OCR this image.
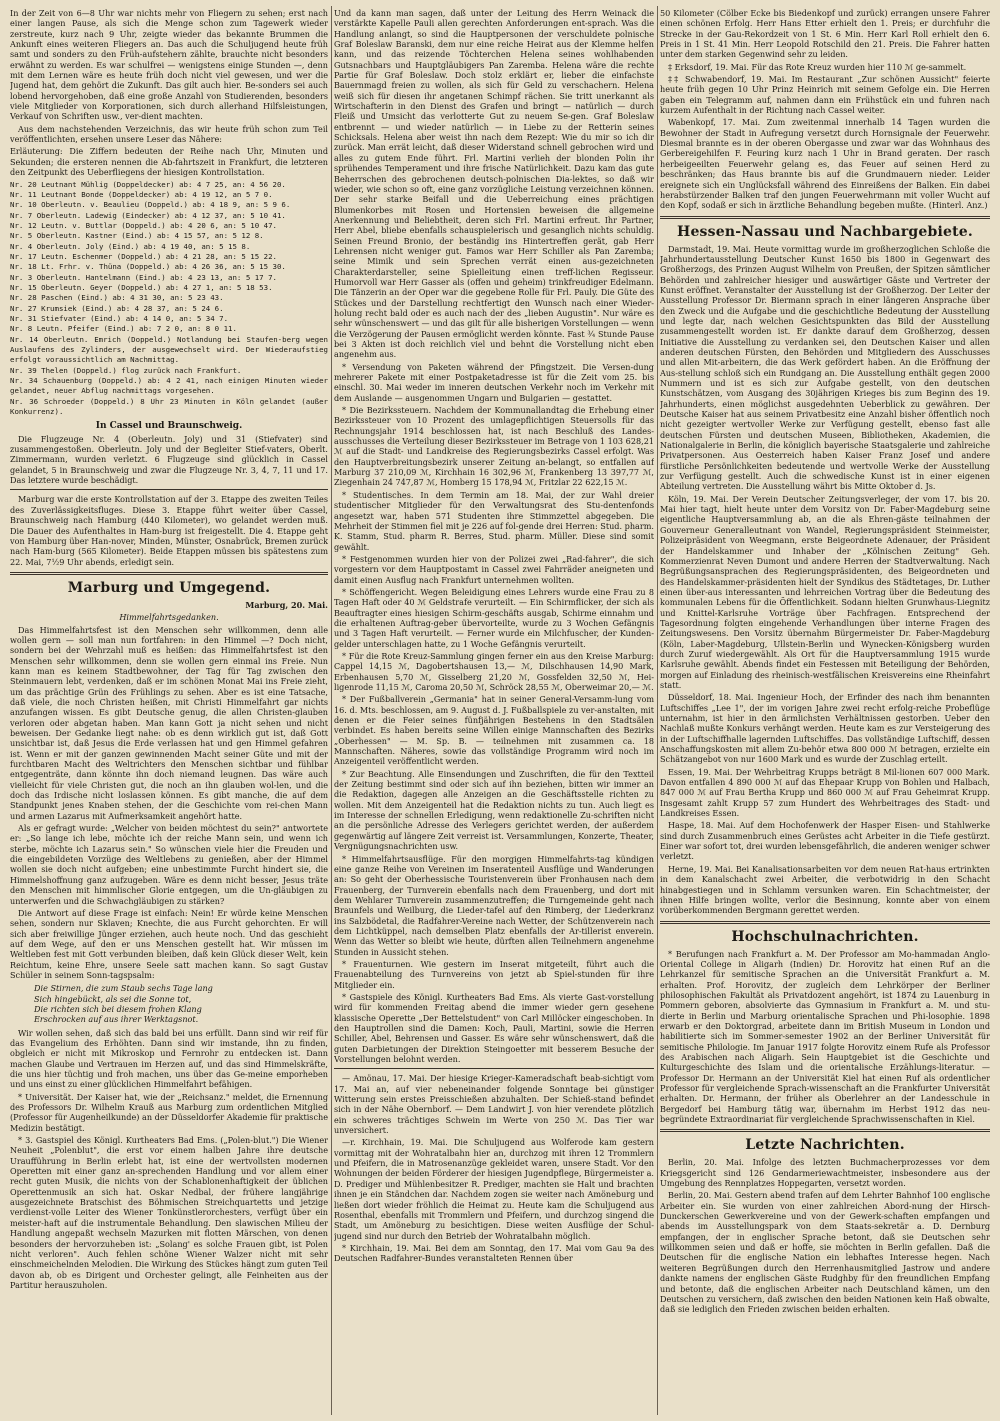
In der Zeit von 6—8 Uhr war nichts mehr von Fliegern zu sehen; erst nach einer langen Pause, als sich die Menge schon zum Tagewerk wieder zerstreute, kurz nach 9 Uhr, zeigte wieder das bekannte Brummen die Ankunft eines weiteren Fliegers an. Das auch die Schuljugend heute früh samt und sonders zu den Früh-aufstehern zählte, brauchte nicht besonders erwähnt zu werden. Es war schulfrei — wenigstens einige Stunden —, denn mit dem Lernen wäre es heute früh doch nicht viel gewesen, und wer die Jugend hat, dem gehört die Zukunft. Das gilt auch hier. Be-sonders sei auch lobend hervorgehoben, daß eine große Anzahl von Studierenden, besonders viele Mitglieder von Korporationen, sich durch allerhand Hilfsleistungen, Verkauf von Schriften usw., ver-dient machten.

Aus dem nachstehenden Verzeichnis, das wir heute früh schon zum Teil veröffentlichten, ersehen unsere Leser das Nähere:

Erläuterung: Die Ziffern bedeuten der Reihe nach Uhr, Minuten und Sekunden; die ersteren nennen die Ab-fahrtszeit in Frankfurt, die letzteren den Zeitpunkt des Ueberfliegens der hiesigen Kontrollstation.

Nr. 20 Leutnant Mühlig (Doppeldecker) ab: 4 7 25, an: 4 56 20.

Nr. 11 Leutnant Bonde (Doppeldecker) ab: 4 19 12, an 5 7 0.

Nr. 10 Oberleutn. v. Beaulieu (Doppeld.) ab: 4 18 9, an: 5 9 6.

Nr. 7 Oberleutn. Ladewig (Eindecker) ab: 4 12 37, an: 5 10 41.

Nr. 12 Leutn. v. Buttlar (Doppeld.) ab: 4 20 6, an: 5 10 47.

Nr. 5 Oberleutn. Kastner (Eind.) ab: 4 15 57, an: 5 12 8.

Nr. 4 Oberleutn. Joly (Eind.) ab: 4 19 40, an: 5 15 8.

Nr. 17 Leutn. Eschenmer (Doppeld.) ab: 4 21 28, an: 5 15 22.

Nr. 18 Lt. Frhr. v. Thüna (Doppeld.) ab: 4 26 36, an: 5 15 30.

Nr. 3 Oberleutn. Hantelmann (Eind.) ab: 4 23 13, an: 5 17 7.

Nr. 15 Oberleutn. Geyer (Doppeld.) ab: 4 27 1, an: 5 18 53.

Nr. 28 Paschen (Eind.) ab: 4 31 30, an: 5 23 43.

Nr. 27 Krumsiek (Eind.) ab: 4 28 37, an: 5 24 6.

Nr. 31 Stiefvater (Eind.) ab: 4 14 0, an: 5 34 7.

Nr. 8 Leutn. Pfeifer (Eind.) ab: 7 2 0, an: 8 0 11.

Nr. 14 Oberleutn. Emrich (Doppeld.) Notlandung bei Staufen-berg wegen Auslaufens des Zylinders, der ausgewechselt wird. Der Wiederaufstieg erfolgt voraussichtlich am Nachmittag.

Nr. 39 Thelen (Doppeld.) flog zurück nach Frankfurt.

Nr. 34 Schauenburg (Doppeld.) ab: 4 2 41, nach einigen Minuten wieder gelandet, neuer Abflug nachmittags vorgesehen.

Nr. 36 Schroeder (Doppeld.) 8 Uhr 23 Minuten in Köln gelandet (außer Konkurrenz).

In Cassel und Braunschweig.

Die Flugzeuge Nr. 4 (Oberleutn. Joly) und 31 (Stiefvater) sind zusammengestoßen. Oberleutn. Joly und der Begleiter Stief-vaters, Oberlt. Zimmermann, wurden verletzt. 6 Flugzeuge sind glücklich in Cassel gelandet, 5 in Braunschweig und zwar die Flugzeuge Nr. 3, 4, 7, 11 und 17. Das letztere wurde beschädigt.

Marburg war die erste Kontrollstation auf der 3. Etappe des zweiten Teiles des Zuverlässigkeitsfluges. Diese 3. Etappe führt weiter über Cassel, Braunschweig nach Hamburg (440 Kilometer), wo gelandet werden muß. Die Dauer des Aufenthaltes in Ham-burg ist freigestellt. Die 4. Etappe geht von Hamburg über Han-nover, Minden, Münster, Osnabrück, Bremen zurück nach Ham-burg (565 Kilometer). Beide Etappen müssen bis spätestens zum 22. Mai, 7½9 Uhr abends, erledigt sein.

Marburg und Umgegend.

Marburg, 20. Mai.

Himmelfahrtsgedanken.

Das Himmelfahrtsfest ist den Menschen sehr willkommen, denn alle wollen gern — soll man nun fortfahren: in den Himmel —? Doch nicht, sondern bei der Wehrzahl muß es heißen: das Himmelfahrtsfest ist den Menschen sehr willkommen, denn sie wollen gern einmal ins Freie. Nun kann man es keinem Stadtbewohner, der Tag für Tag zwischen den Steinmauern lebt, verdenken, daß er im schönen Monat Mai ins Freie zieht, um das prächtige Grün des Frühlings zu sehen. Aber es ist eine Tatsache, daß viele, die noch Christen heißen, mit Christi Himmelfahrt gar nichts anzufangen wissen. Es gibt Deutsche genug, die allen Christen-glauben verloren oder abgetan haben. Man kann Gott ja nicht sehen und nicht beweisen. Der Gedanke liegt nahe: ob es denn wirklich gut ist, daß Gott unsichtbar ist, daß Jesus die Erde verlassen hat und gen Himmel gefahren ist. Wenn er mit der ganzen gewinnenden Macht seiner Güte und mit der furchtbaren Macht des Weltrichters den Menschen sichtbar und fühlbar entgegenträte, dann könnte ihn doch niemand leugnen. Das wäre auch vielleicht für viele Christen gut, die noch an ihn glauben wol-len, und die doch das Irdische nicht loslassen können. Es gibt manche, die auf dem Standpunkt jenes Knaben stehen, der die Geschichte vom rei-chen Mann und armen Lazarus mit Aufmerksamkeit angehört hatte.

Als er gefragt wurde: „Welcher von beiden möchtest du sein?" antwortete er: „So lange ich lebe, möchte ich der reiche Mann sein, und wenn ich sterbe, möchte ich Lazarus sein." So wünschen viele hier die Freuden und die eingebildeten Vorzüge des Weltlebens zu genießen, aber der Himmel wollen sie doch nicht aufgeben; eine unbestimmte Furcht hindert sie, die Himmelshoffnung ganz aufzugeben. Wäre es denn nicht besser, Jesus träte den Menschen mit himmlischer Glorie entgegen, um die Un-gläubigen zu unterwerfen und die Schwachgläubigen zu stärken?

Die Antwort auf diese Frage ist einfach: Nein! Er würde keine Menschen sehen, sondern nur Sklaven; Knechte, die aus Furcht gehorchten. Er will sich aber freiwillige Jünger erziehen, auch heute noch. Und das geschieht auf dem Wege, auf den er uns Menschen gestellt hat. Wir müssen im Weltleben fest mit Gott verbunden bleiben, daß kein Glück dieser Welt, kein Reichtum, keine Ehre, unsere Seele satt machen kann. So sagt Gustav Schüler in seinem Sonn-tagspsalm:

Die Stirnen, die zum Staub sechs Tage lang

Sich hingebückt, als sei die Sonne tot,

Die richten sich bei diesem frohen Klang

Erschrocken auf aus ihrer Werktagsnot.

Wir wollen sehen, daß sich das bald bei uns erfüllt. Dann sind wir reif für das Evangelium des Erhöhten. Dann sind wir imstande, ihn zu finden, obgleich er nicht mit Mikroskop und Fernrohr zu entdecken ist. Dann machen Glaube und Vertrauen im Herzen auf, und das sind Himmelskräfte, die uns hier tüchtig und froh machen, uns über das Ge-meine emporheben und uns einst zu einer glücklichen Himmelfahrt befähigen.

* Universität. Der Kaiser hat, wie der „Reichsanz." meldet, die Ernennung des Professors Dr. Wilhelm Krauß aus Marburg zum ordentlichen Mitglied (Professor für Augenheilkunde) an der Düsseldorfer Akademie für praktische Medizin bestätigt.

* 3. Gastspiel des Königl. Kurtheaters Bad Ems. („Polen-blut.") Die Wiener Neuheit „Polenblut", die erst vor einem halben Jahre ihre deutsche Uraufführung in Berlin erlebt hat, ist eine der wertvollsten modernen Operetten mit einer ganz an-sprechenden Handlung und vor allem einer recht guten Musik, die nichts von der Schablonenhaftigkeit der üblichen Operettenmusik an sich hat. Oskar Nedbal, der frühere langjährige ausgezeichnete Bratschist des Böhmischen Streichquartetts und jetzige verdienst-volle Leiter des Wiener Tonkünstlerorchesters, verfügt über ein meister-haft auf die instrumentale Behandlung. Den slawischen Milieu der Handlung angepaßt wechseln Mazurken mit flotten Märschen, von denen besonders der hervorzuheben ist: „Solang' es solche Frauen gibt, ist Polen nicht verloren". Auch fehlen schöne Wiener Walzer nicht mit sehr einschmeichelnden Melodien. Die Wirkung des Stückes hängt zum guten Teil davon ab, ob es Dirigent und Orchester gelingt, alle Feinheiten aus der Partitur herauszuholen.

Und da kann man sagen, daß unter der Leitung des Herrn Weinack die verstärkte Kapelle Pauli allen gerechten Anforderungen ent-sprach. Was die Handlung anlangt, so sind die Hauptpersonen der verschuldete polnische Graf Boleslaw Baranski, dem nur eine reiche Heirat aus der Klemme helfen kann, und das reizende Töchterchen Helena seines wohlhabenden Gutsnachbars und Hauptgläubigers Pan Zaremba. Helena wäre die rechte Partie für Graf Boleslaw. Doch stolz erklärt er, lieber die einfachste Bauernmagd freien zu wollen, als sich für Geld zu verschachern. Helena weiß sich für diesen ihr angetanen Schimpf rächen. Sie tritt unerkannt als Wirtschafterin in den Dienst des Grafen und bringt — natürlich — durch Fleiß und Umsicht das verlotterte Gut zu neuem Se-gen. Graf Boleslaw entbrennt — und wieder natürlich — in Liebe zu der Retterin seines Schicksals. Helena aber weist ihn nach dem Rezept: Wie du mir so ich dir zurück. Man errät leicht, daß dieser Widerstand schnell gebrochen wird und alles zu gutem Ende führt. Frl. Martini verlieh der blonden Polin ihr sprühendes Temperament und ihre frische Natürlichkeit. Dazu kam das gute Beherrschen des gebrochenen deutsch-polnischen Dia-lektes, so daß wir wieder, wie schon so oft, eine ganz vorzügliche Leistung verzeichnen können. Der sehr starke Beifall und die Ueberreichung eines prächtigen Blumenkorbes mit Rosen und Hortensien beweisen die allgemeine Anerkennung und Beliebtheit, deren sich Frl. Martini erfreut. Ihr Partner, Herr Abel, bliebe ebenfalls schauspielerisch und gesanglich nichts schuldig. Seinen Freund Bronio, der beständig ins Hintertreffen gerät, gab Herr Lehrensen nicht weniger gut. Famos war Herr Schiller als Pan Zaremba; seine Mimik und sein Sprechen verrät einen aus-gezeichneten Charakterdarsteller, seine Spielleitung einen treff-lichen Regisseur. Humorvoll war Herr Gasser als (offen und geheim) trinkfreudiger Edelmann. Die Tänzerin an der Oper war die gegebene Rolle für Frl. Pauly. Die Güte des Stückes und der Darstellung rechtfertigt den Wunsch nach einer Wieder-holung recht bald oder es auch nach der des „lieben Augustin". Nur wäre es sehr wünschenswert — und das gilt für alle bisherigen Vorstellungen — wenn die Verzögerung der Pausen ermöglicht werden könnte. Fast ¾ Stunde Pause bei 3 Akten ist doch reichlich viel und behnt die Vorstellung nicht eben angenehm aus.

* Versendung von Paketen während der Pfingstzeit. Die Versen-dung mehrerer Pakete mit einer Postpaketadresse ist für die Zeit vom 25. bis einschl. 30. Mai weder im inneren deutschen Verkehr noch im Verkehr mit dem Auslande — ausgenommen Ungarn und Bulgarien — gestattet.

* Die Bezirkssteuern. Nachdem der Kommunallandtag die Erhebung einer Bezirkssteuer von 10 Prozent des umlagepflichtigen Steuersolls für das Rechnungsjahr 1914 beschlossen hat, ist nach Beschluß des Landes-ausschusses die Verteilung dieser Bezirkssteuer im Betrage von 1 103 628,21 ℳ auf die Stadt- und Landkreise des Regierungsbezirks Cassel erfolgt. Was den Hauptverbreitungsbezirk unserer Zeitung an-belangt, so entfallen auf Marburg 37 210,09 ℳ, Kirchhain 16 302,96 ℳ, Frankenberg 13 397,77 ℳ, Ziegenhain 24 747,87 ℳ, Homberg 15 178,94 ℳ, Fritzlar 22 622,15 ℳ.

* Studentisches. In dem Termin am 18. Mai, der zur Wahl dreier studentischer Mitglieder für den Verwaltungsrat des Stu-dentenfonds angesetzt war, haben 571 Studenten ihre Stimmzettel abgegeben. Die Mehrheit der Stimmen fiel mit je 226 auf fol-gende drei Herren: Stud. pharm. K. Stamm, Stud. pharm R. Berres, Stud. pharm. Müller. Diese sind somit gewählt.

* Festgenommen wurden hier von der Polizei zwei „Rad-fahrer", die sich vorgestern vor dem Hauptpostamt in Cassel zwei Fahrräder aneigneten und damit einen Ausflug nach Frankfurt unternehmen wollten.

* Schöffengericht. Wegen Beleidigung eines Lehrers wurde eine Frau zu 8 Tagen Haft oder 40 ℳ Geldstrafe verurteilt. — Ein Schirmflicker, der sich als Beauftragter eines hiesigen Schirm-geschäfts ausgab, Schirme einnahm und die erhaltenen Auftrag-geber übervorteilte, wurde zu 3 Wochen Gefängnis und 3 Tagen Haft verurteilt. — Ferner wurde ein Milchfuscher, der Kunden-gelder unterschlagen hatte, zu 1 Woche Gefängnis verurteilt.

* Für die Rote Kreuz-Sammlung gingen ferner ein aus den Kreise Marburg: Cappel 14,15 ℳ, Dagobertshausen 13,— ℳ, Dilschhausen 14,90 Mark, Erbenhausen 5,70 ℳ, Gisselberg 21,20 ℳ, Gossfelden 32,50 ℳ, Hei-ligenrode 11,15 ℳ, Caroma 20,50 ℳ, Schröck 28,55 ℳ, Oberweimar 20,— ℳ.

* Der Fußballverein „Germania" hat in seiner General-Versamm-lung vom 16. d. Mts. beschlossen, am 9. August d. J. Fußballspiele zu ver-anstalten, mit denen er die Feier seines fünfjährigen Bestehens in den Stadtsälen verbindet. Es haben bereits seine Willen einige Mannschaften des Bezirks „Oberhessen" — M. Sp. B. — teilnehmen mit zusammen ca. 18 Mannschaften. Näheres, sowie das vollständige Programm wird noch im Anzeigenteil veröffentlicht werden.

* Zur Beachtung. Alle Einsendungen und Zuschriften, die für den Textteil der Zeitung bestimmt sind oder sich auf ihn beziehen, bitten wir immer an die Redaktion, dagegen alle Anzeigen an die Geschäftsstelle richten zu wollen. Mit dem Anzeigenteil hat die Redaktion nichts zu tun. Auch liegt es im Interesse der schnellen Erledigung, wenn redaktionelle Zu-schriften nicht an die persönliche Adresse des Verlegers gerichtet werden, der außerdem gegenwärtig auf längere Zeit verreist ist. Versammlungen, Konzerte, Theater, Vergnügungsnachrichten usw.

* Himmelfahrtsausflüge. Für den morgigen Himmelfahrts-tag kündigen eine ganze Reihe von Vereinen im Inseratenteil Ausflüge und Wanderungen an: So geht der Oberhessische Touristenverein über Fronhausen nach dem Frauenberg, der Turnverein ebenfalls nach dem Frauenberg, und dort mit dem Wehlarer Turnverein zusammenzutreffen; die Turngemeinde geht nach Braunfels und Weilburg, die Lieder-tafel auf den Rimberg, der Liederkranz ins Salzbödetal, die Radfahrer-Vereine nach Wetter, der Schützenverein nach dem Lichtküppel, nach demselben Platz ebenfalls der Ar-tillerist enverein. Wenn das Wetter so bleibt wie heute, dürften allen Teilnehmern angenehme Stunden in Aussicht stehen.

* Frauenturnen. Wie gestern im Inserat mitgeteilt, führt auch die Frauenabteilung des Turnvereins von jetzt ab Spiel-stunden für ihre Mitglieder ein.

* Gastspiele des Königl. Kurtheaters Bad Ems. Als vierte Gast-vorstellung wird für kommenden Freitag abend die immer wieder gern gesehene klassische Operette „Der Bettelstudent" von Carl Millöcker eingeschoben. In den Hauptrollen sind die Damen: Koch, Pauli, Martini, sowie die Herren Schiller, Abel, Behrensen und Gasser. Es wäre sehr wünschenswert, daß die guten Darbietungen der Direktion Steingoetter mit besserem Besuche der Vorstellungen belohnt werden.

— Amönau, 17. Mai. Der hiesige Krieger-Kameradschaft beab-sichtigt vom 17. Mai an, auf vier nebeneinander folgende Sonntage bei günstiger Witterung sein erstes Preisschießen abzuhalten. Der Schieß-stand befindet sich in der Nähe Obernborf. — Dem Landwirt J. von hier verendete plötzlich ein schweres trächtiges Schwein im Werte von 250 ℳ. Das Tier war unversichert.

—r. Kirchhain, 19. Mai. Die Schuljugend aus Wolferode kam gestern vormittag mit der Wohratalbahn hier an, durchzog mit ihren 12 Trommlern und Pfeifern, die in Matrosenanzüge gekleidet waren, unsere Stadt. Vor den Wohnungen der beiden Förderer der hiesigen Jugendpflege, Bürgermeister a. D. Prediger und Mühlenbesitzer R. Prediger, machten sie Halt und brachten ihnen je ein Ständchen dar. Nachdem zogen sie weiter nach Amöneburg und ließen dort wieder fröhlich die Heimat zu. Heute kam die Schuljugend aus Rosenthal, ebenfalls mit Trommlern und Pfeifern, und durchzog singend die Stadt, um Amöneburg zu besichtigen. Diese weiten Ausflüge der Schul-jugend sind nur durch den Betrieb der Wohratalbahn möglich.

* Kirchhain, 19. Mai. Bei dem am Sonntag, den 17. Mai vom Gau 9a des Deutschen Radfahrer-Bundes veranstalteten Rennen über

50 Kilometer (Cölber Ecke bis Biedenkopf und zurück) errangen unsere Fahrer einen schönen Erfolg. Herr Hans Etter erhielt den 1. Preis; er durchfuhr die Strecke in der Gau-Rekordzeit von 1 St. 6 Min. Herr Karl Roll erhielt den 6. Preis in 1 St. 41 Min. Herr Leopold Rotschild den 21. Preis. Die Fahrer hatten unter dem starken Gegenwind sehr zu leiden.

‡ Erksdorf, 19. Mai. Für das Rote Kreuz wurden hier 110 ℳ ge-sammelt.

‡‡ Schwabendorf, 19. Mai. Im Restaurant „Zur schönen Aussicht" feierte heute früh gegen 10 Uhr Prinz Heinrich mit seinem Gefolge ein. Die Herren gaben ein Telegramm auf, nahmen dann ein Frühstück ein und fuhren nach kurzem Aufenthalt in der Richtung nach Cassel weiter.

Wabenkopf, 17. Mai. Zum zweitenmal innerhalb 14 Tagen wurden die Bewohner der Stadt in Aufregung versetzt durch Hornsignale der Feuerwehr. Diesmal brannte es in der oberen Obergasse und zwar war das Wohnhaus des Gerbereigehilfen F. Feuring kurz nach 1 Uhr in Brand geraten. Der rasch herbeigeeilten Feuerwehr gelang es, das Feuer auf seinen Herd zu beschränken; das Haus brannte bis auf die Grundmauern nieder. Leider ereignete sich ein Unglücksfall während des Einreißens der Balken. Ein dabei herabstürzender Balken traf den jungen Feuerwehrmann mit voller Wucht auf den Kopf, sodaß er sich in ärztliche Behandlung begeben mußte. (Hinterl. Anz.)

Hessen-Nassau und Nachbargebiete.

Darmstadt, 19. Mai. Heute vormittag wurde im großherzoglichen Schloße die Jahrhundertausstellung Deutscher Kunst 1650 bis 1800 in Gegenwart des Großherzogs, des Prinzen August Wilhelm von Preußen, der Spitzen sämtlicher Behörden und zahlreicher hiesiger und auswärtiger Gäste und Vertreter der Kunst eröffnet. Veranstalter der Ausstellung ist der Großherzog. Der Leiter der Ausstellung Professor Dr. Biermann sprach in einer längeren Ansprache über den Zweck und die Aufgabe und die geschichtliche Bedeutung der Ausstellung und legte dar, nach welchen Gesichtspunkten das Bild der Ausstellung zusammengestellt worden ist. Er dankte darauf dem Großherzog, dessen Initiative die Ausstellung zu verdanken sei, den Deutschen Kaiser und allen anderen deutschen Fürsten, den Behörden und Mitgliedern des Ausschusses und allen Mit-arbeitern, die das Werk gefördert haben. An die Eröffnung der Aus-stellung schloß sich ein Rundgang an. Die Ausstellung enthält gegen 2000 Nummern und ist es sich zur Aufgabe gestellt, von den deutschen Kunstschätzen, vom Ausgang des 30jährigen Krieges bis zum Beginn des 19. Jahrhunderts, einen möglichst ausgedehnten Ueberblick zu gewähren. Der Deutsche Kaiser hat aus seinem Privatbesitz eine Anzahl bisher öffentlich noch nicht gezeigter wertvoller Werke zur Verfügung gestellt, ebenso fast alle deutschen Fürsten und deutschen Museen, Bibliotheken, Akademien, die Nationalgalerie in Berlin, die königlich bayerische Staatsgalerie und zahlreiche Privatpersonen. Aus Oesterreich haben Kaiser Franz Josef und andere fürstliche Persönlichkeiten bedeutende und wertvolle Werke der Ausstellung zur Verfügung gestellt. Auch die schwedische Kunst ist in einer eigenen Abteilung vertreten. Die Ausstellung währt bis Mitte Oktober d. Js.

Köln, 19. Mai. Der Verein Deutscher Zeitungsverleger, der vom 17. bis 20. Mai hier tagt, hielt heute unter dem Vorsitz von Dr. Faber-Magdeburg seine eigentliche Hauptversammlung ab, an die als Ehren-gäste teilnahmen der Gouverneur Generalleutnant von Wandel, Regierungspräsident Steinmeister, Polizeipräsident von Weegmann, erste Beigeordnete Adenauer, der Präsident der Handelskammer und Inhaber der „Kölnischen Zeitung" Geh. Kommerzienrat Neven Dumont und andere Herren der Stadtverwaltung. Nach Begrüßungsansprachen des Regierungspräsidenten, des Beigeordneten und des Handelskammer-präsidenten hielt der Syndikus des Städtetages, Dr. Luther einen über-aus interessanten und lehrreichen Vortrag über die Bedeutung des kommunalen Lebens für die Öffentlichkeit. Sodann hielten Grunwhaus-Liegnitz und Knittel-Karlsruhe Vorträge über Fachfragen. Entsprechend der Tagesordnung folgten eingehende Verhandlungen über interne Fragen des Zeitungswesens. Den Vorsitz übernahm Bürgermeister Dr. Faber-Magdeburg (Köln, Laber-Magdeburg, Ullstein-Berlin und Wynecken-Königsberg wurden durch Zuruf wiedergewählt. Als Ort für die Hauptversammlung 1915 wurde Karlsruhe gewählt. Abends findet ein Festessen mit Beteiligung der Behörden, morgen auf Einladung des rheinisch-westfälischen Kreisvereins eine Rheinfahrt statt.

Düsseldorf, 18. Mai. Ingenieur Hoch, der Erfinder des nach ihm benannten Luftschiffes „Lee 1", der im vorigen Jahre zwei recht erfolg-reiche Probeflüge unternahm, ist hier in den ärmlichsten Verhältnissen gestorben. Ueber den Nachlaß mußte Konkurs verhängt werden. Heute kam es zur Versteigerung des in der Luftschiffhalle lagernden Luftschiffes. Das vollständige Luftschiff, dessen Anschaffungskosten mit allem Zu-behör etwa 800 000 ℳ betragen, erzielte ein Schätzangebot von nur 1600 Mark und es wurde der Zuschlag erteilt.

Essen, 19. Mai. Der Wehrbeitrag Krupps beträgt 8 Mil-lionen 607 000 Mark. Davon entfallen 4 890 000 ℳ auf das Ehepaar Krupp von Bohlen und Halbach, 847 000 ℳ auf Frau Bertha Krupp und 860 000 ℳ auf Frau Geheimrat Krupp. Insgesamt zahlt Krupp 57 zum Hundert des Wehrbeitrages des Stadt- und Landkreises Essen.

Haspe, 18. Mai. Auf dem Hochofenwerk der Hasper Eisen- und Stahlwerke sind durch Zusammenbruch eines Gerüstes acht Arbeiter in die Tiefe gestürzt. Einer war sofort tot, drei wurden lebensgefährlich, die anderen weniger schwer verletzt.

Herne, 19. Mai. Bei Kanalisationsarbeiten vor dem neuen Rat-haus ertrinkten in dem Kanalschacht zwei Arbeiter, die verbotwidrig in den Schacht hinabgestiegen und in Schlamm versunken waren. Ein Schachtmeister, der ihnen Hilfe bringen wollte, verlor die Besinnung, konnte aber von einem vorüberkommenden Bergmann gerettet werden.

Hochschulnachrichten.

* Berufungen nach Frankfurt a. M. Der Professor am Mo-hammadan Anglo-Oriental College in Aligarh (Indien) Dr. Horovitz hat einen Ruf an die Lehrkanzel für semitische Sprachen an die Universität Frankfurt a. M. erhalten. Prof. Horovitz, der zugleich dem Lehrkörper der Berliner philosophischen Fakultät als Privatdozent angehört, ist 1874 zu Lauenburg in Pommern geboren, absolvierte das Gymnasium in Frankfurt a. M. und stu-dierte in Berlin und Marburg orientalische Sprachen und Phi-losophie. 1898 erwarb er den Doktorgrad, arbeitete dann im British Museum in London und habilitierte sich im Sommer-semester 1902 an der Berliner Universität für semitische Philologie. Im Januar 1917 folgte Horovitz einem Rufe als Professor des Arabischen nach Aligarh. Sein Hauptgebiet ist die Geschichte und Kulturgeschichte des Islam und die orientalische Erzählungs-literatur. — Professor Dr. Hermann an der Universität Kiel hat einen Ruf als ordentlicher Professor für vergleichende Sprach-wissenschaft an die Frankfurter Universität erhalten. Dr. Hermann, der früher als Oberlehrer an der Landesschule in Bergedorf bei Hamburg tätig war, übernahm im Herbst 1912 das neu-begründete Extraordinariat für vergleichende Sprachwissenschaften in Kiel.

Letzte Nachrichten.

Berlin, 20. Mai. Infolge des letzten Buchmacherprozesses vor dem Kriegsgericht sind 126 Gendarmeriewachtmeister, insbesondere aus der Umgebung des Rennplatzes Hoppegarten, versetzt worden.

Berlin, 20. Mai. Gestern abend trafen auf dem Lehrter Bahnhof 100 englische Arbeiter ein. Sie wurden von einer zahlreichen Abord-nung der Hirsch-Dunckerschen Gewerkvereine und von der Gewerk-schaften empfangen und abends im Ausstellungspark von dem Staats-sekretär a. D. Dernburg empfangen, der in englischer Sprache betont, daß sie Deutschen sehr willkommen seien und daß er hoffe, sie möchten in Berlin gefallen. Daß die Deutschen für die englische Nation ein lebhaftes Interesse hegen. Nach weiteren Begrüßungen durch den Herrenhausmitglied Jastrow und andere dankte namens der englischen Gäste Rudghby für den freundlichen Empfang und betonte, daß die englischen Arbeiter nach Deutschland kämen, um den Deutschen zu versichern, daß zwischen den beiden Nationen kein Haß obwalte, daß sie lediglich den Frieden zwischen beiden erhalten.
